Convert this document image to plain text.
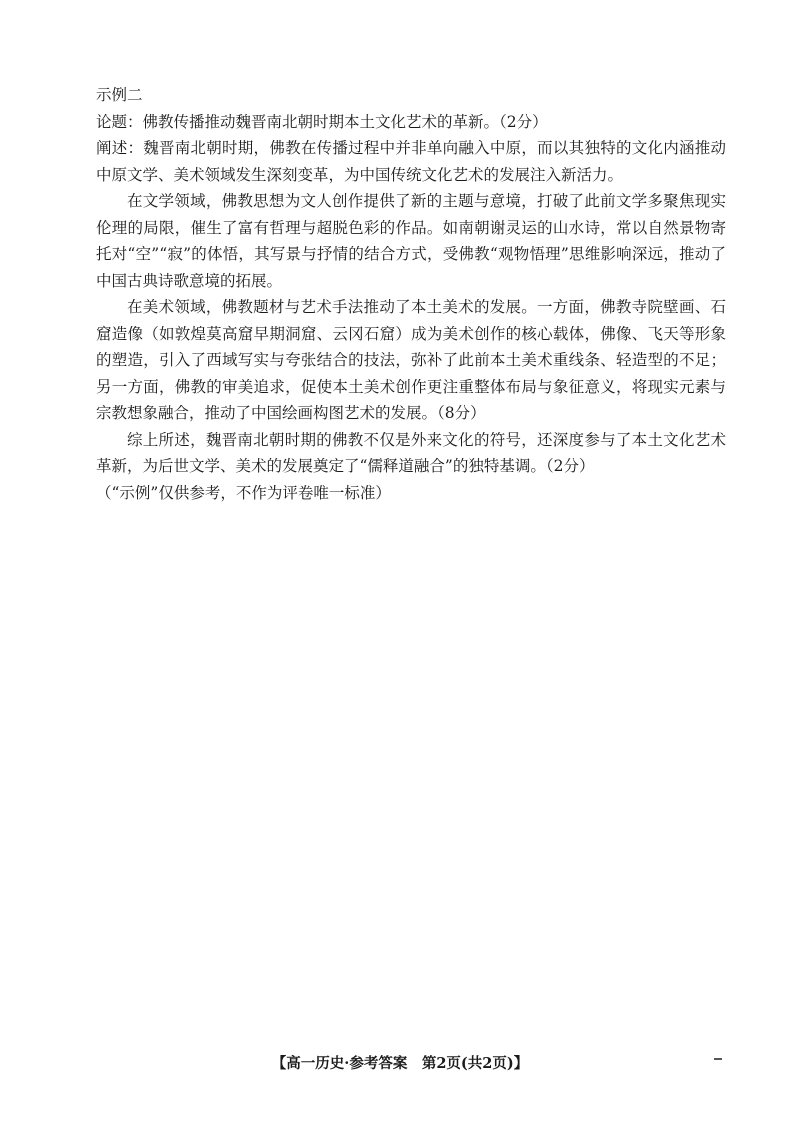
示例二

论题：佛教传播推动魏晋南北朝时期本土文化艺术的革新。（2分）

阐述：魏晋南北朝时期，佛教在传播过程中并非单向融入中原，而以其独特的文化内涵推动中原文学、美术领域发生深刻变革，为中国传统文化艺术的发展注入新活力。

在文学领域，佛教思想为文人创作提供了新的主题与意境，打破了此前文学多聚焦现实伦理的局限，催生了富有哲理与超脱色彩的作品。如南朝谢灵运的山水诗，常以自然景物寄托对“空”“寂”的体悟，其写景与抒情的结合方式，受佛教“观物悟理”思维影响深远，推动了中国古典诗歌意境的拓展。

在美术领域，佛教题材与艺术手法推动了本土美术的发展。一方面，佛教寺院壁画、石窟造像（如敦煌莫高窟早期洞窟、云冈石窟）成为美术创作的核心载体，佛像、飞天等形象的塑造，引入了西域写实与夸张结合的技法，弥补了此前本土美术重线条、轻造型的不足；另一方面，佛教的审美追求，促使本土美术创作更注重整体布局与象征意义，将现实元素与宗教想象融合，推动了中国绘画构图艺术的发展。（8分）

综上所述，魏晋南北朝时期的佛教不仅是外来文化的符号，还深度参与了本土文化艺术革新，为后世文学、美术的发展奠定了“儒释道融合”的独特基调。（2分）

（“示例”仅供参考，不作为评卷唯一标准）

【高一历史·参考答案　第2页(共2页)】
